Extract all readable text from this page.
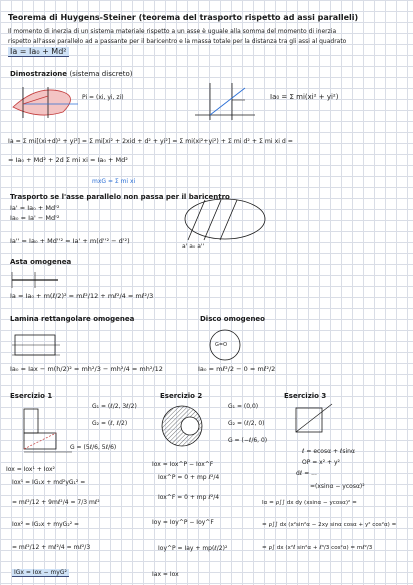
Teorema di Huygens-Steiner (teorema del trasporto rispetto ad assi paralleli)
Il momento di inerzia di un sistema materiale rispetto a un asse è uguale alla somma del momento di inerzia
rispetto all'asse parallelo ad a passante per il baricentro e la massa totale per la distanza tra gli assi al quadrato
Ia = Ia₀ + Md²
Dimostrazione (sistema discreto)
Pi = (xi, yi, zi)	Ia₀ = Σ mi(xi² + yi²)
Ia = Σ mi[(xi+d)² + yi²] = Σ mi[xi² + 2xid + d² + yi²] = Σ mi(xi²+yi²) + Σ mi d² + Σ mi xi d =
= Ia₀ + Md² + 2d Σ mi xi = Ia₀ + Md²
mxG = Σ mi xi
Trasporto se l'asse parallelo non passa per il baricentro
Ia' = Ia₀ + Md'²
Ia₀ = Ia' − Md'²
Ia'' = Ia₀ + Md''² = Ia' + m(d''² − d'²)
a' a₀ a''
Asta omogenea
Ia = Ia₀ + m(ℓ/2)² = mℓ²/12 + mℓ²/4 = mℓ²/3
Lamina rettangolare omogenea
Ia₀ = Iax − m(h/2)² = mh²/3 − mh²/4 = mh²/12
Disco omogeneo
G=O
Ia₀ = mℓ²/2 − 0 = mℓ²/2
Esercizio 1
G₁ = (ℓ/2, 3ℓ/2)
G₂ = (ℓ, ℓ/2)
G = (5ℓ/6, 5ℓ/6)
Iox = Iox¹ + Iox²
Iox¹ = IG₁x + md²yG₁² =
= mℓ²/12 + 9mℓ²/4 = 7/3 mℓ²
Iox² = IG₂x + myG₂² =
= mℓ²/12 + mℓ²/4 = mℓ²/3
IGx = Iox − myG²
Esercizio 2
G₁ = (0,0)
G₂ = (ℓ/2, 0)
G = (−ℓ/6, 0)
Iox = Iox^P − Iox^F
Iox^P = 0 + mp ℓ²/4
Iox^F = 0 + mp ℓ²/4
Ioy = Ioy^P − Ioy^F
Ioy^P = Iay + mp(ℓ/2)²
Iax = Iox
Esercizio 3
ℓ = ecosα + ℓsinα
OP = x² + y²
dℓ = ...
=(xsinα − ycosα)²
Iα = ρ∫∫ dx dy (xsinα − ycosα)² =
= ρ∫∫ dx (x²sin²α − 2xy sinα cosα + y² cos²α) =
= ρ∫ dx (x²ℓ sin²α + ℓ³/3 cos²α) = mℓ²/3
